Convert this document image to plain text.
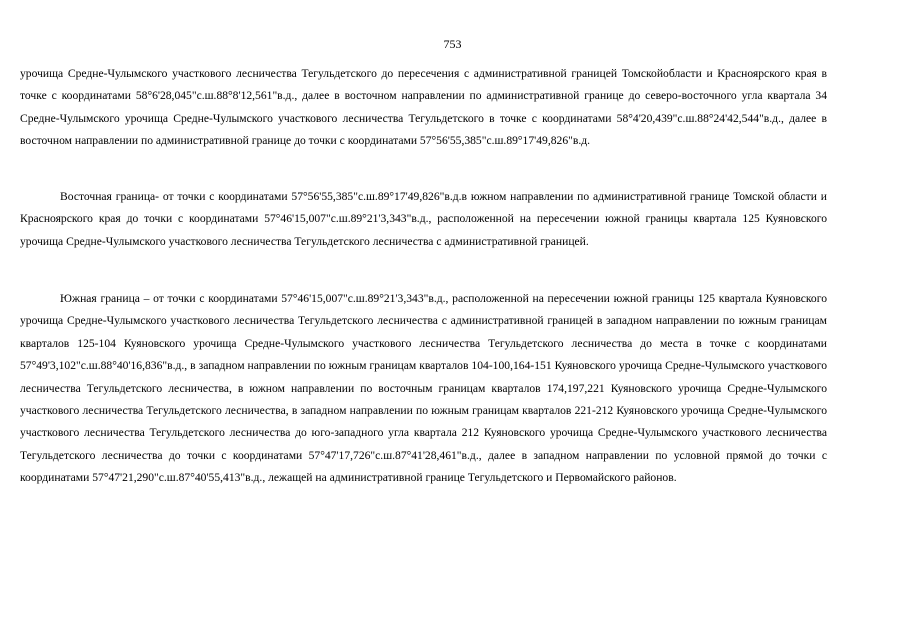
753

урочища Средне-Чулымского участкового лесничества Тегульдетского до пересечения с административной границей Томскойобласти и Красноярского края в точке с координатами 58°6'28,045"с.ш.88°8'12,561"в.д., далее в восточном направлении по административной границе до северо-восточного угла квартала 34 Средне-Чулымского урочища Средне-Чулымского участкового лесничества Тегульдетского в точке с координатами 58°4'20,439"с.ш.88°24'42,544"в.д., далее в восточном направлении по административной границе до точки с координатами 57°56'55,385"с.ш.89°17'49,826"в.д.

Восточная граница- от точки с координатами 57°56'55,385"с.ш.89°17'49,826"в.д.в южном направлении по административной границе Томской области и Красноярского края до точки с координатами 57°46'15,007"с.ш.89°21'3,343"в.д., расположенной на пересечении южной границы квартала 125 Куяновского урочища Средне-Чулымского участкового лесничества Тегульдетского лесничества с административной границей.

Южная граница – от точки с координатами 57°46'15,007"с.ш.89°21'3,343"в.д., расположенной на пересечении южной границы 125 квартала Куяновского урочища Средне-Чулымского участкового лесничества Тегульдетского лесничества с административной границей в западном направлении по южным границам кварталов 125-104 Куяновского урочища Средне-Чулымского участкового лесничества Тегульдетского лесничества до места в точке с координатами 57°49'3,102"с.ш.88°40'16,836"в.д., в западном направлении по южным границам кварталов 104-100,164-151 Куяновского урочища Средне-Чулымского участкового лесничества Тегульдетского лесничества, в южном направлении по восточным границам кварталов 174,197,221 Куяновского урочища Средне-Чулымского участкового лесничества Тегульдетского лесничества, в западном направлении по южным границам кварталов 221-212 Куяновского урочища Средне-Чулымского участкового лесничества Тегульдетского лесничества до юго-западного угла квартала 212 Куяновского урочища Средне-Чулымского участкового лесничества Тегульдетского лесничества до точки с координатами 57°47'17,726"с.ш.87°41'28,461"в.д., далее в западном направлении по условной прямой до точки с координатами 57°47'21,290"с.ш.87°40'55,413"в.д., лежащей на административной границе Тегульдетского и Первомайского районов.
